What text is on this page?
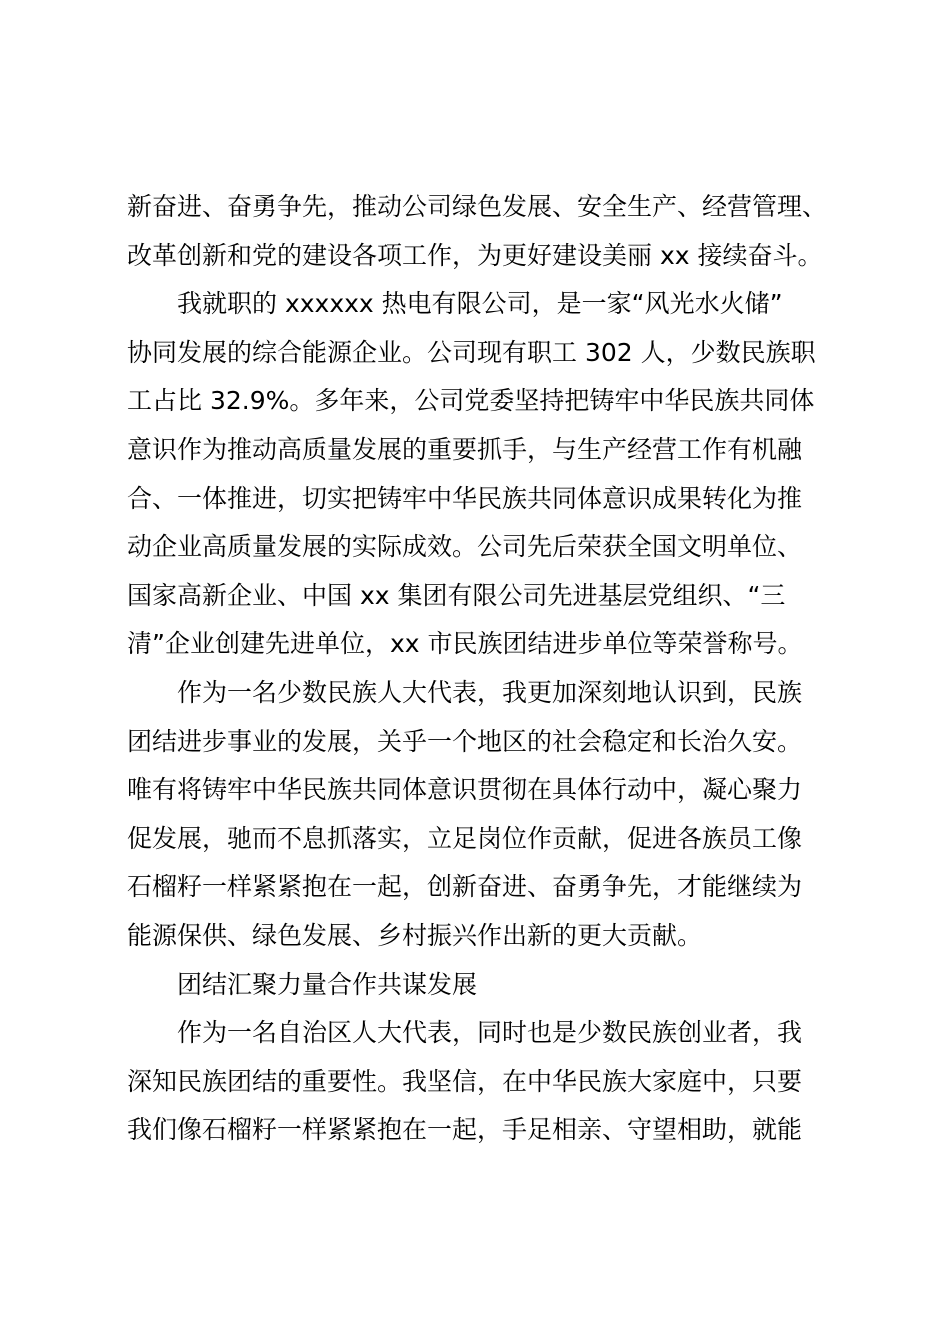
新奋进、奋勇争先，推动公司绿色发展、安全生产、经营管理、
改革创新和党的建设各项工作，为更好建设美丽 xx 接续奋斗。
我就职的 xxxxxx 热电有限公司，是一家“风光水火储”
协同发展的综合能源企业。公司现有职工 302 人，少数民族职
工占比 32.9%。多年来，公司党委坚持把铸牢中华民族共同体
意识作为推动高质量发展的重要抓手，与生产经营工作有机融
合、一体推进，切实把铸牢中华民族共同体意识成果转化为推
动企业高质量发展的实际成效。公司先后荣获全国文明单位、
国家高新企业、中国 xx 集团有限公司先进基层党组织、“三
清”企业创建先进单位，xx 市民族团结进步单位等荣誉称号。
作为一名少数民族人大代表，我更加深刻地认识到，民族
团结进步事业的发展，关乎一个地区的社会稳定和长治久安。
唯有将铸牢中华民族共同体意识贯彻在具体行动中，凝心聚力
促发展，驰而不息抓落实，立足岗位作贡献，促进各族员工像
石榴籽一样紧紧抱在一起，创新奋进、奋勇争先，才能继续为
能源保供、绿色发展、乡村振兴作出新的更大贡献。
团结汇聚力量合作共谋发展
作为一名自治区人大代表，同时也是少数民族创业者，我
深知民族团结的重要性。我坚信，在中华民族大家庭中，只要
我们像石榴籽一样紧紧抱在一起，手足相亲、守望相助，就能
